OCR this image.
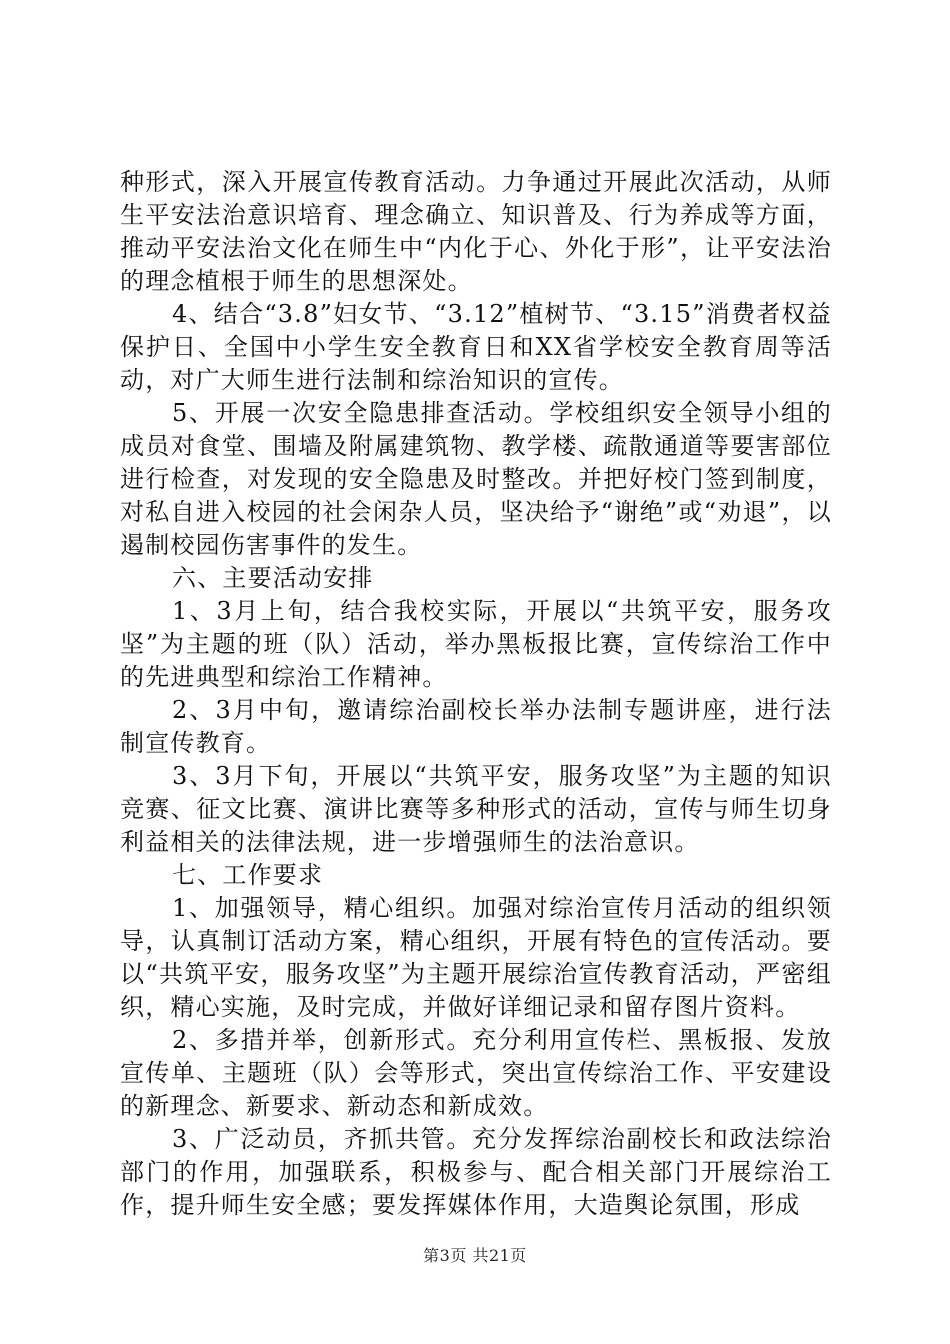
种形式，深入开展宣传教育活动。力争通过开展此次活动，从师生平安法治意识培育、理念确立、知识普及、行为养成等方面，推动平安法治文化在师生中“内化于心、外化于形”，让平安法治的理念植根于师生的思想深处。

4、结合“3.8”妇女节、“3.12”植树节、“3.15”消费者权益保护日、全国中小学生安全教育日和XX省学校安全教育周等活动，对广大师生进行法制和综治知识的宣传。

5、开展一次安全隐患排查活动。学校组织安全领导小组的成员对食堂、围墙及附属建筑物、教学楼、疏散通道等要害部位进行检查，对发现的安全隐患及时整改。并把好校门签到制度，对私自进入校园的社会闲杂人员，坚决给予“谢绝”或“劝退”，以遏制校园伤害事件的发生。

六、主要活动安排

1、3月上旬，结合我校实际，开展以“共筑平安，服务攻坚”为主题的班（队）活动，举办黑板报比赛，宣传综治工作中的先进典型和综治工作精神。

2、3月中旬，邀请综治副校长举办法制专题讲座，进行法制宣传教育。

3、3月下旬，开展以“共筑平安，服务攻坚”为主题的知识竞赛、征文比赛、演讲比赛等多种形式的活动，宣传与师生切身利益相关的法律法规，进一步增强师生的法治意识。

七、工作要求

1、加强领导，精心组织。加强对综治宣传月活动的组织领导，认真制订活动方案，精心组织，开展有特色的宣传活动。要以“共筑平安，服务攻坚”为主题开展综治宣传教育活动，严密组织，精心实施，及时完成，并做好详细记录和留存图片资料。

2、多措并举，创新形式。充分利用宣传栏、黑板报、发放宣传单、主题班（队）会等形式，突出宣传综治工作、平安建设的新理念、新要求、新动态和新成效。

3、广泛动员，齐抓共管。充分发挥综治副校长和政法综治部门的作用，加强联系，积极参与、配合相关部门开展综治工作，提升师生安全感；要发挥媒体作用，大造舆论氛围，形成

第3页 共21页
